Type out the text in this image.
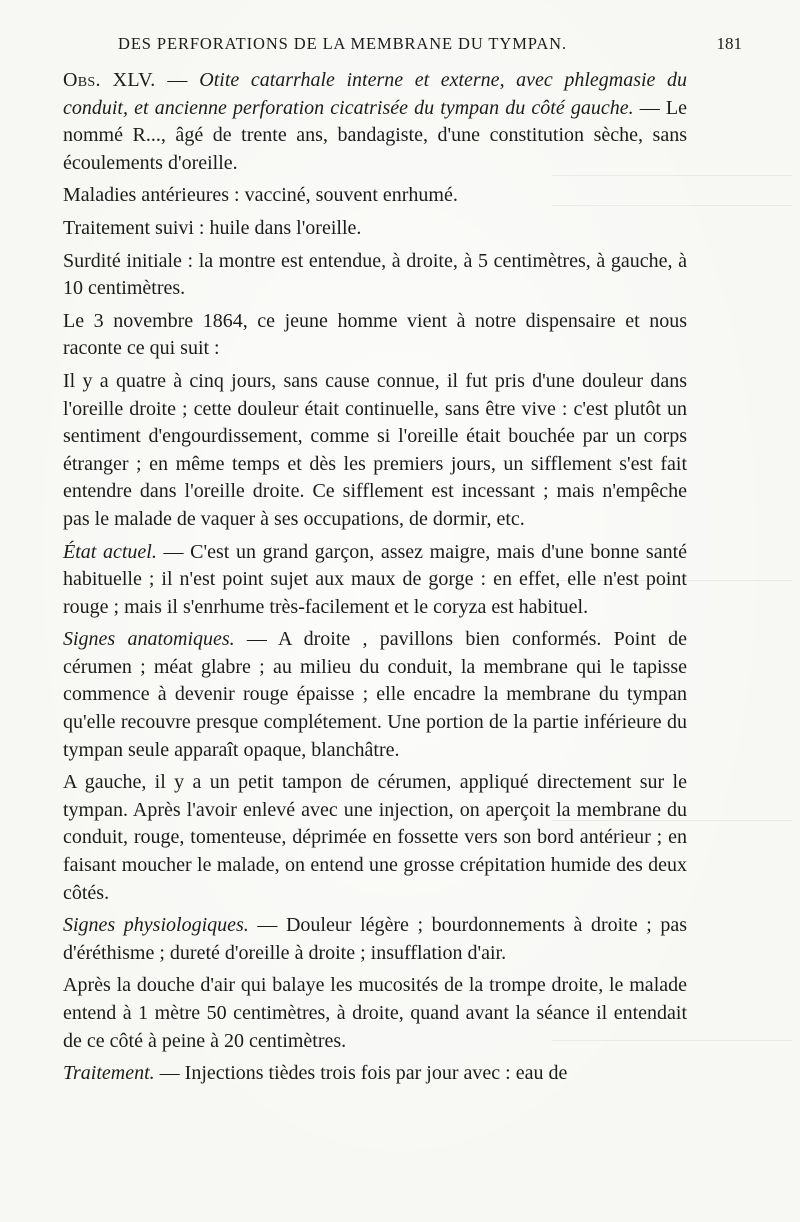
DES PERFORATIONS DE LA MEMBRANE DU TYMPAN.	181

Obs. XLV. — Otite catarrhale interne et externe, avec phlegmasie du conduit, et ancienne perforation cicatrisée du tympan du côté gauche. — Le nommé R..., âgé de trente ans, bandagiste, d'une constitution sèche, sans écoulements d'oreille.

Maladies antérieures : vacciné, souvent enrhumé.

Traitement suivi : huile dans l'oreille.

Surdité initiale : la montre est entendue, à droite, à 5 centimètres, à gauche, à 10 centimètres.

Le 3 novembre 1864, ce jeune homme vient à notre dispensaire et nous raconte ce qui suit :

Il y a quatre à cinq jours, sans cause connue, il fut pris d'une douleur dans l'oreille droite ; cette douleur était continuelle, sans être vive : c'est plutôt un sentiment d'engourdissement, comme si l'oreille était bouchée par un corps étranger ; en même temps et dès les premiers jours, un sifflement s'est fait entendre dans l'oreille droite. Ce sifflement est incessant ; mais n'empêche pas le malade de vaquer à ses occupations, de dormir, etc.

État actuel. — C'est un grand garçon, assez maigre, mais d'une bonne santé habituelle ; il n'est point sujet aux maux de gorge : en effet, elle n'est point rouge ; mais il s'enrhume très-facilement et le coryza est habituel.

Signes anatomiques. — A droite , pavillons bien conformés. Point de cérumen ; méat glabre ; au milieu du conduit, la membrane qui le tapisse commence à devenir rouge épaisse ; elle encadre la membrane du tympan qu'elle recouvre presque complétement. Une portion de la partie inférieure du tympan seule apparaît opaque, blanchâtre.

A gauche, il y a un petit tampon de cérumen, appliqué directement sur le tympan. Après l'avoir enlevé avec une injection, on aperçoit la membrane du conduit, rouge, tomenteuse, déprimée en fossette vers son bord antérieur ; en faisant moucher le malade, on entend une grosse crépitation humide des deux côtés.

Signes physiologiques. — Douleur légère ; bourdonnements à droite ; pas d'éréthisme ; dureté d'oreille à droite ; insufflation d'air.

Après la douche d'air qui balaye les mucosités de la trompe droite, le malade entend à 1 mètre 50 centimètres, à droite, quand avant la séance il entendait de ce côté à peine à 20 centimètres.

Traitement. — Injections tièdes trois fois par jour avec : eau de
